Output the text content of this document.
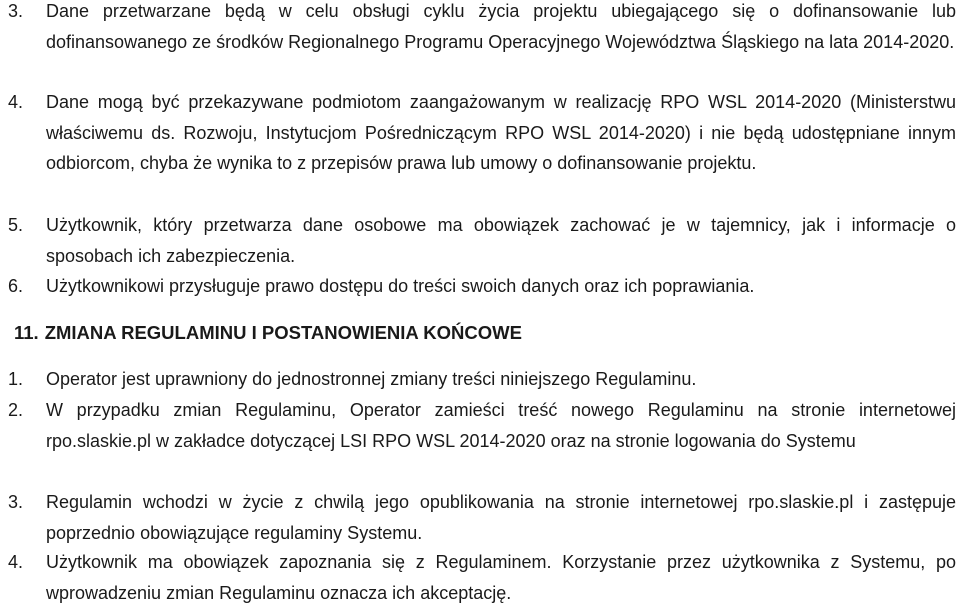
3. Dane przetwarzane będą w celu obsługi cyklu życia projektu ubiegającego się o dofinansowanie lub dofinansowanego ze środków Regionalnego Programu Operacyjnego Województwa Śląskiego na lata 2014-2020.
4. Dane mogą być przekazywane podmiotom zaangażowanym w realizację RPO WSL 2014-2020 (Ministerstwu właściwemu ds. Rozwoju, Instytucjom Pośredniczącym RPO WSL 2014-2020) i nie będą udostępniane innym odbiorcom, chyba że wynika to z przepisów prawa lub umowy o dofinansowanie projektu.
5. Użytkownik, który przetwarza dane osobowe ma obowiązek zachować je w tajemnicy, jak i informacje o sposobach ich zabezpieczenia.
6. Użytkownikowi przysługuje prawo dostępu do treści swoich danych oraz ich poprawiania.
11. ZMIANA REGULAMINU I POSTANOWIENIA KOŃCOWE
1. Operator jest uprawniony do jednostronnej zmiany treści niniejszego Regulaminu.
2. W przypadku zmian Regulaminu, Operator zamieści treść nowego Regulaminu na stronie internetowej rpo.slaskie.pl w zakładce dotyczącej LSI RPO WSL 2014-2020 oraz na stronie logowania do Systemu
3. Regulamin wchodzi w życie z chwilą jego opublikowania na stronie internetowej rpo.slaskie.pl i zastępuje poprzednio obowiązujące regulaminy Systemu.
4. Użytkownik ma obowiązek zapoznania się z Regulaminem. Korzystanie przez użytkownika z Systemu, po wprowadzeniu zmian Regulaminu oznacza ich akceptację.
